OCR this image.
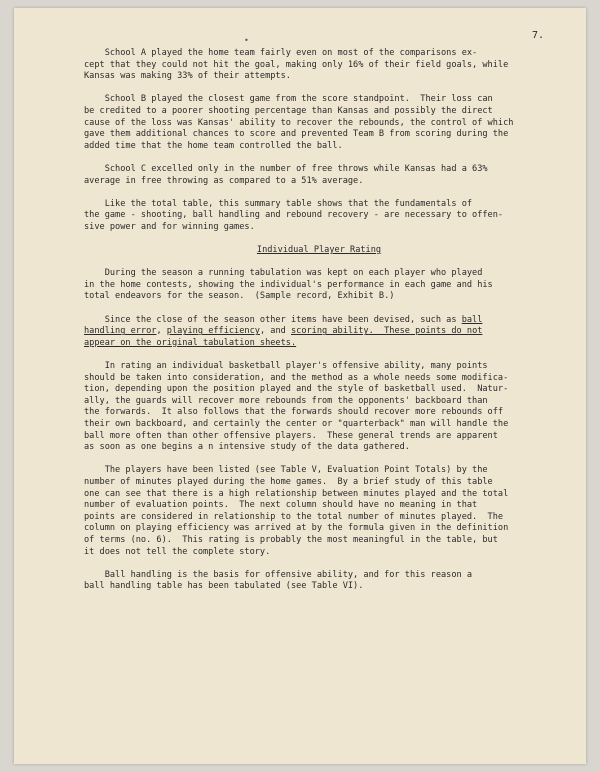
7.
•
School A played the home team fairly even on most of the comparisons ex-
cept that they could not hit the goal, making only 16% of their field goals, while
Kansas was making 33% of their attempts.
School B played the closest game from the score standpoint.  Their loss can
be credited to a poorer shooting percentage than Kansas and possibly the direct
cause of the loss was Kansas' ability to recover the rebounds, the control of which
gave them additional chances to score and prevented Team B from scoring during the
added time that the home team controlled the ball.
School C excelled only in the number of free throws while Kansas had a 63%
average in free throwing as compared to a 51% average.
Like the total table, this summary table shows that the fundamentals of
the game - shooting, ball handling and rebound recovery - are necessary to offen-
sive power and for winning games.
Individual Player Rating
During the season a running tabulation was kept on each player who played
in the home contests, showing the individual's performance in each game and his
total endeavors for the season.  (Sample record, Exhibit B.)
Since the close of the season other items have been devised, such as ball
handling error, playing efficiency, and scoring ability.  These points do not
appear on the original tabulation sheets.
In rating an individual basketball player's offensive ability, many points
should be taken into consideration, and the method as a whole needs some modifica-
tion, depending upon the position played and the style of basketball used.  Natur-
ally, the guards will recover more rebounds from the opponents' backboard than
the forwards.  It also follows that the forwards should recover more rebounds off
their own backboard, and certainly the center or "quarterback" man will handle the
ball more often than other offensive players.  These general trends are apparent
as soon as one begins a n intensive study of the data gathered.
The players have been listed (see Table V, Evaluation Point Totals) by the
number of minutes played during the home games.  By a brief study of this table
one can see that there is a high relationship between minutes played and the total
number of evaluation points.  The next column should have no meaning in that
points are considered in relationship to the total number of minutes played.  The
column on playing efficiency was arrived at by the formula given in the definition
of terms (no. 6).  This rating is probably the most meaningful in the table, but
it does not tell the complete story.
Ball handling is the basis for offensive ability, and for this reason a
ball handling table has been tabulated (see Table VI).
